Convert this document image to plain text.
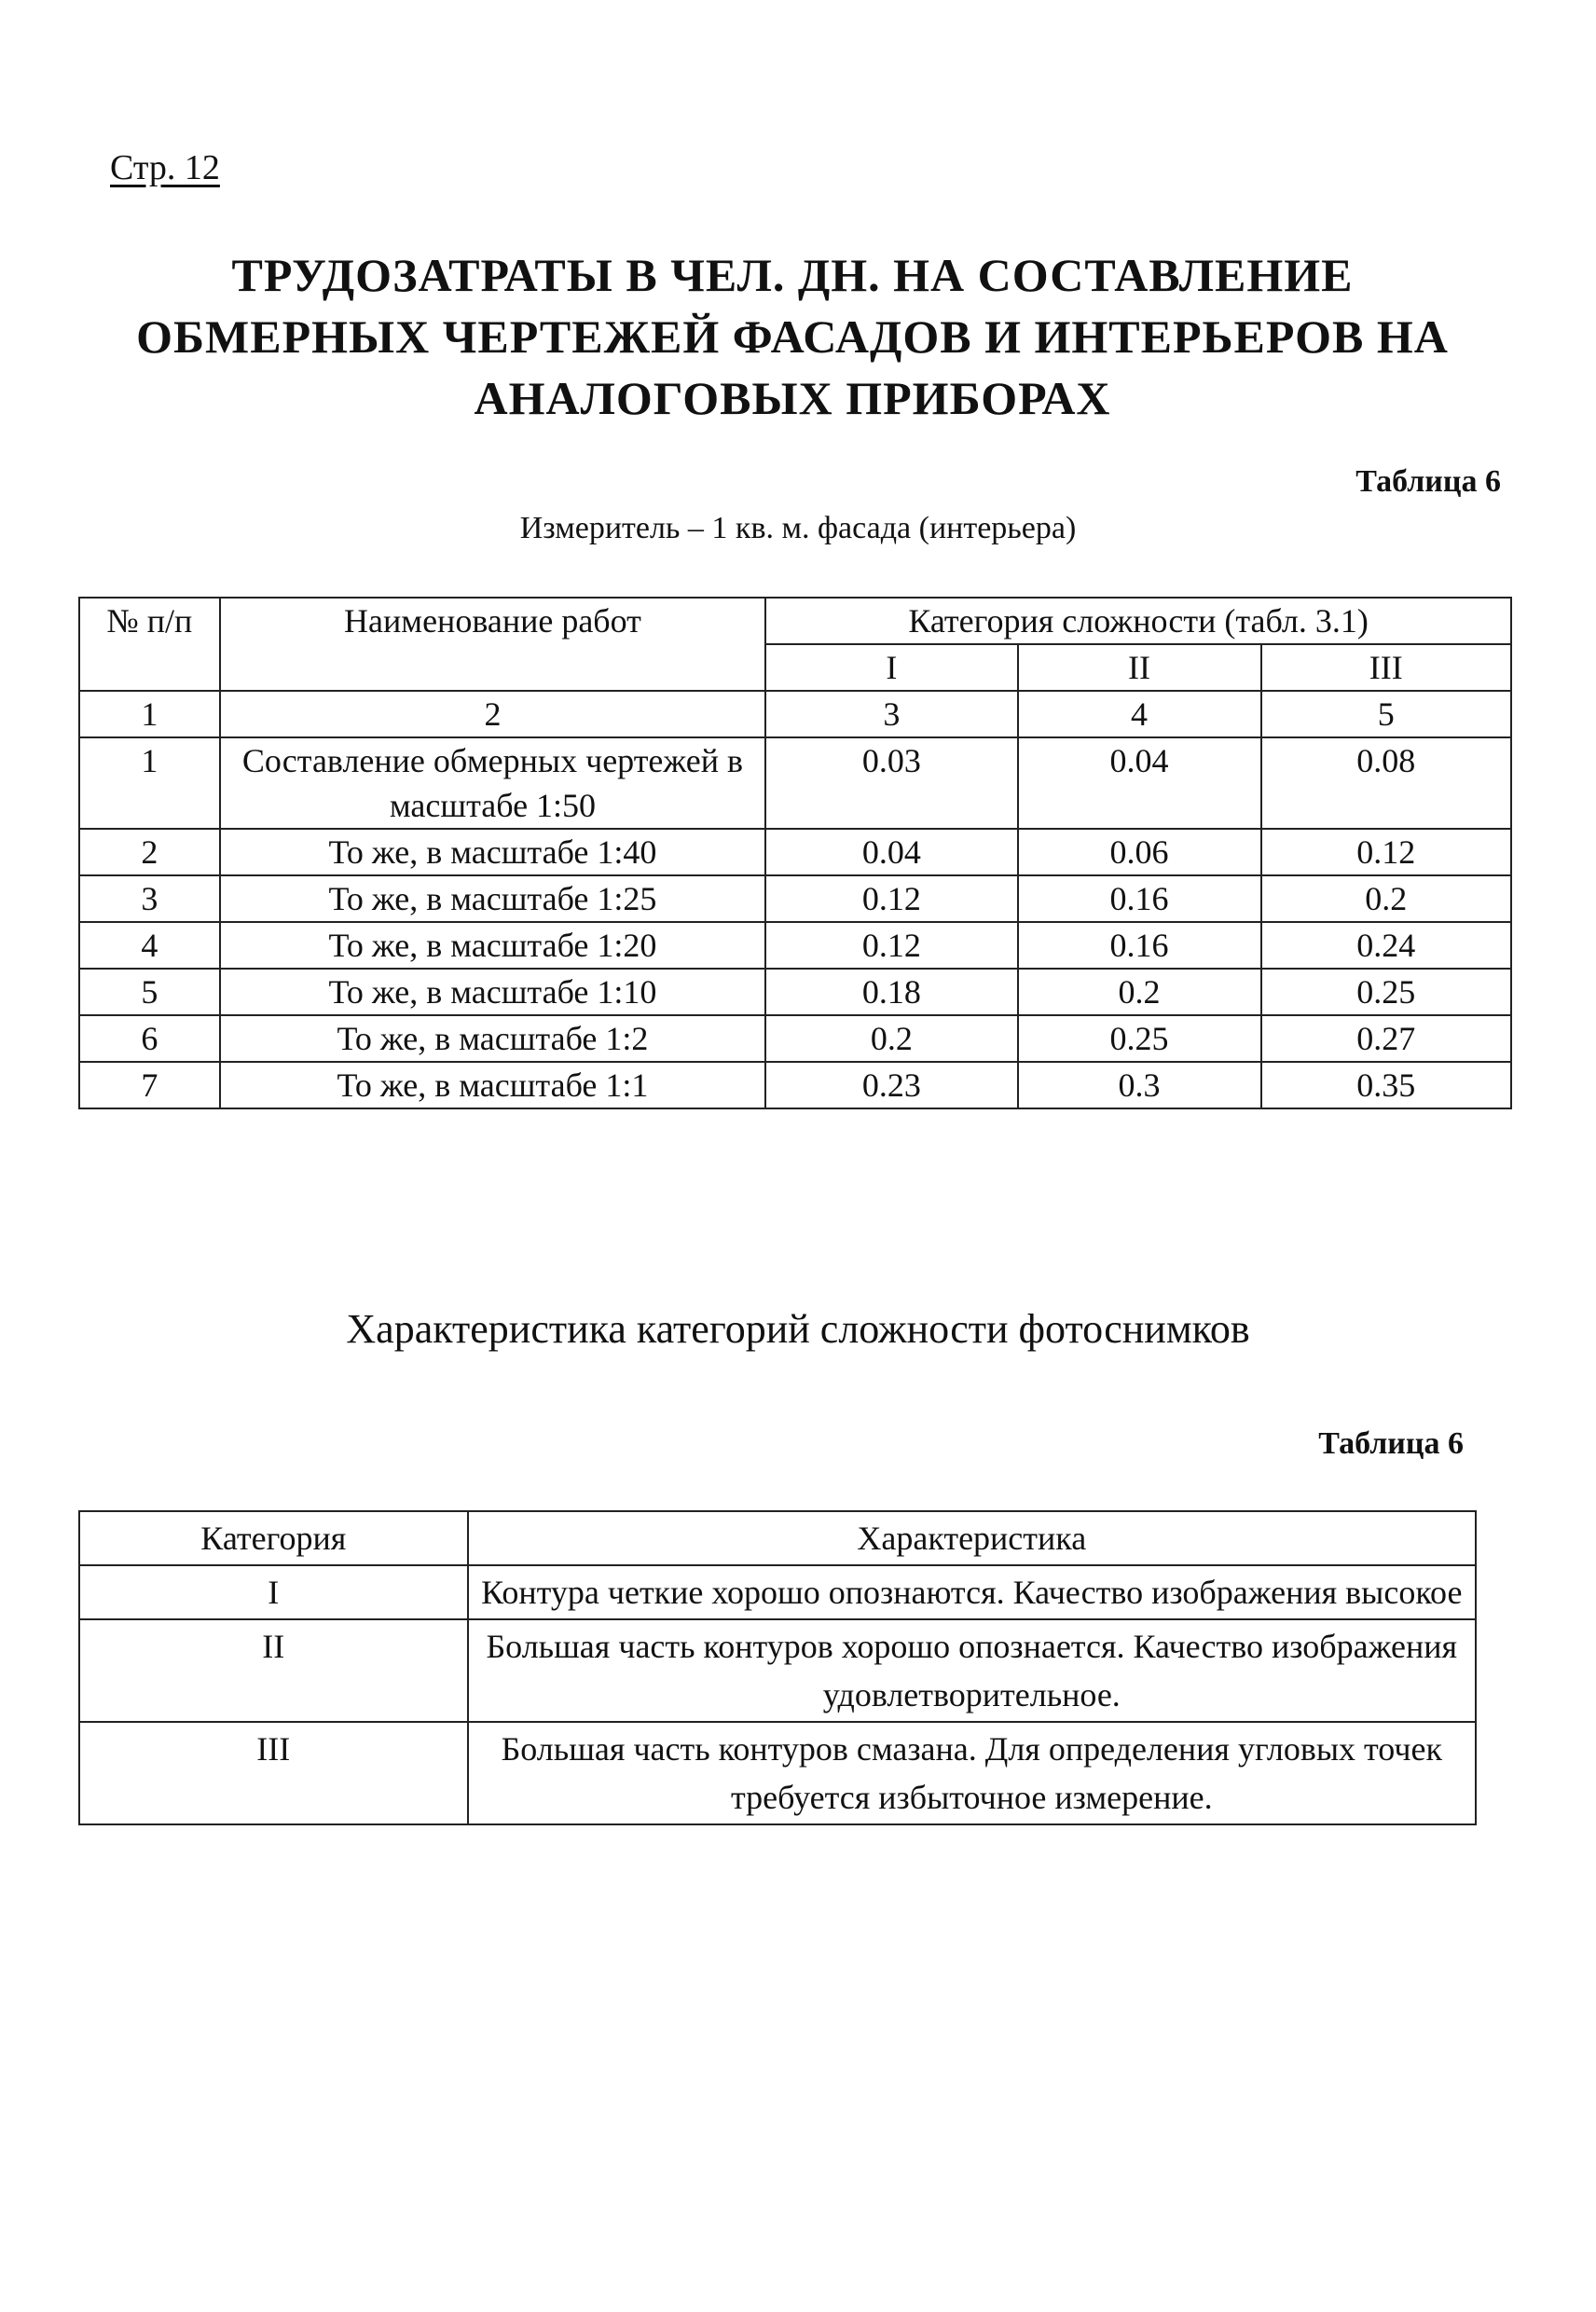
Стр. 12
ТРУДОЗАТРАТЫ В ЧЕЛ. ДН. НА СОСТАВЛЕНИЕ
ОБМЕРНЫХ ЧЕРТЕЖЕЙ ФАСАДОВ И ИНТЕРЬЕРОВ НА
АНАЛОГОВЫХ ПРИБОРАХ
Таблица 6
Измеритель – 1 кв. м. фасада (интерьера)
№ п/п	Наименование работ	Категория сложности (табл. 3.1)		
		I	II	III
1	2	3	4	5
1	Составление обмерных чертежей в масштабе 1:50	0.03	0.04	0.08
2	То же, в масштабе 1:40	0.04	0.06	0.12
3	То же, в масштабе 1:25	0.12	0.16	0.2
4	То же, в масштабе 1:20	0.12	0.16	0.24
5	То же, в масштабе 1:10	0.18	0.2	0.25
6	То же, в масштабе 1:2	0.2	0.25	0.27
7	То же, в масштабе 1:1	0.23	0.3	0.35
Характеристика категорий сложности фотоснимков
Таблица 6
Категория	Характеристика
I	Контура четкие хорошо опознаются. Качество изображения высокое
II	Большая часть контуров хорошо опознается. Качество изображения удовлетворительное.
III	Большая часть контуров смазана. Для определения угловых точек требуется избыточное измерение.
